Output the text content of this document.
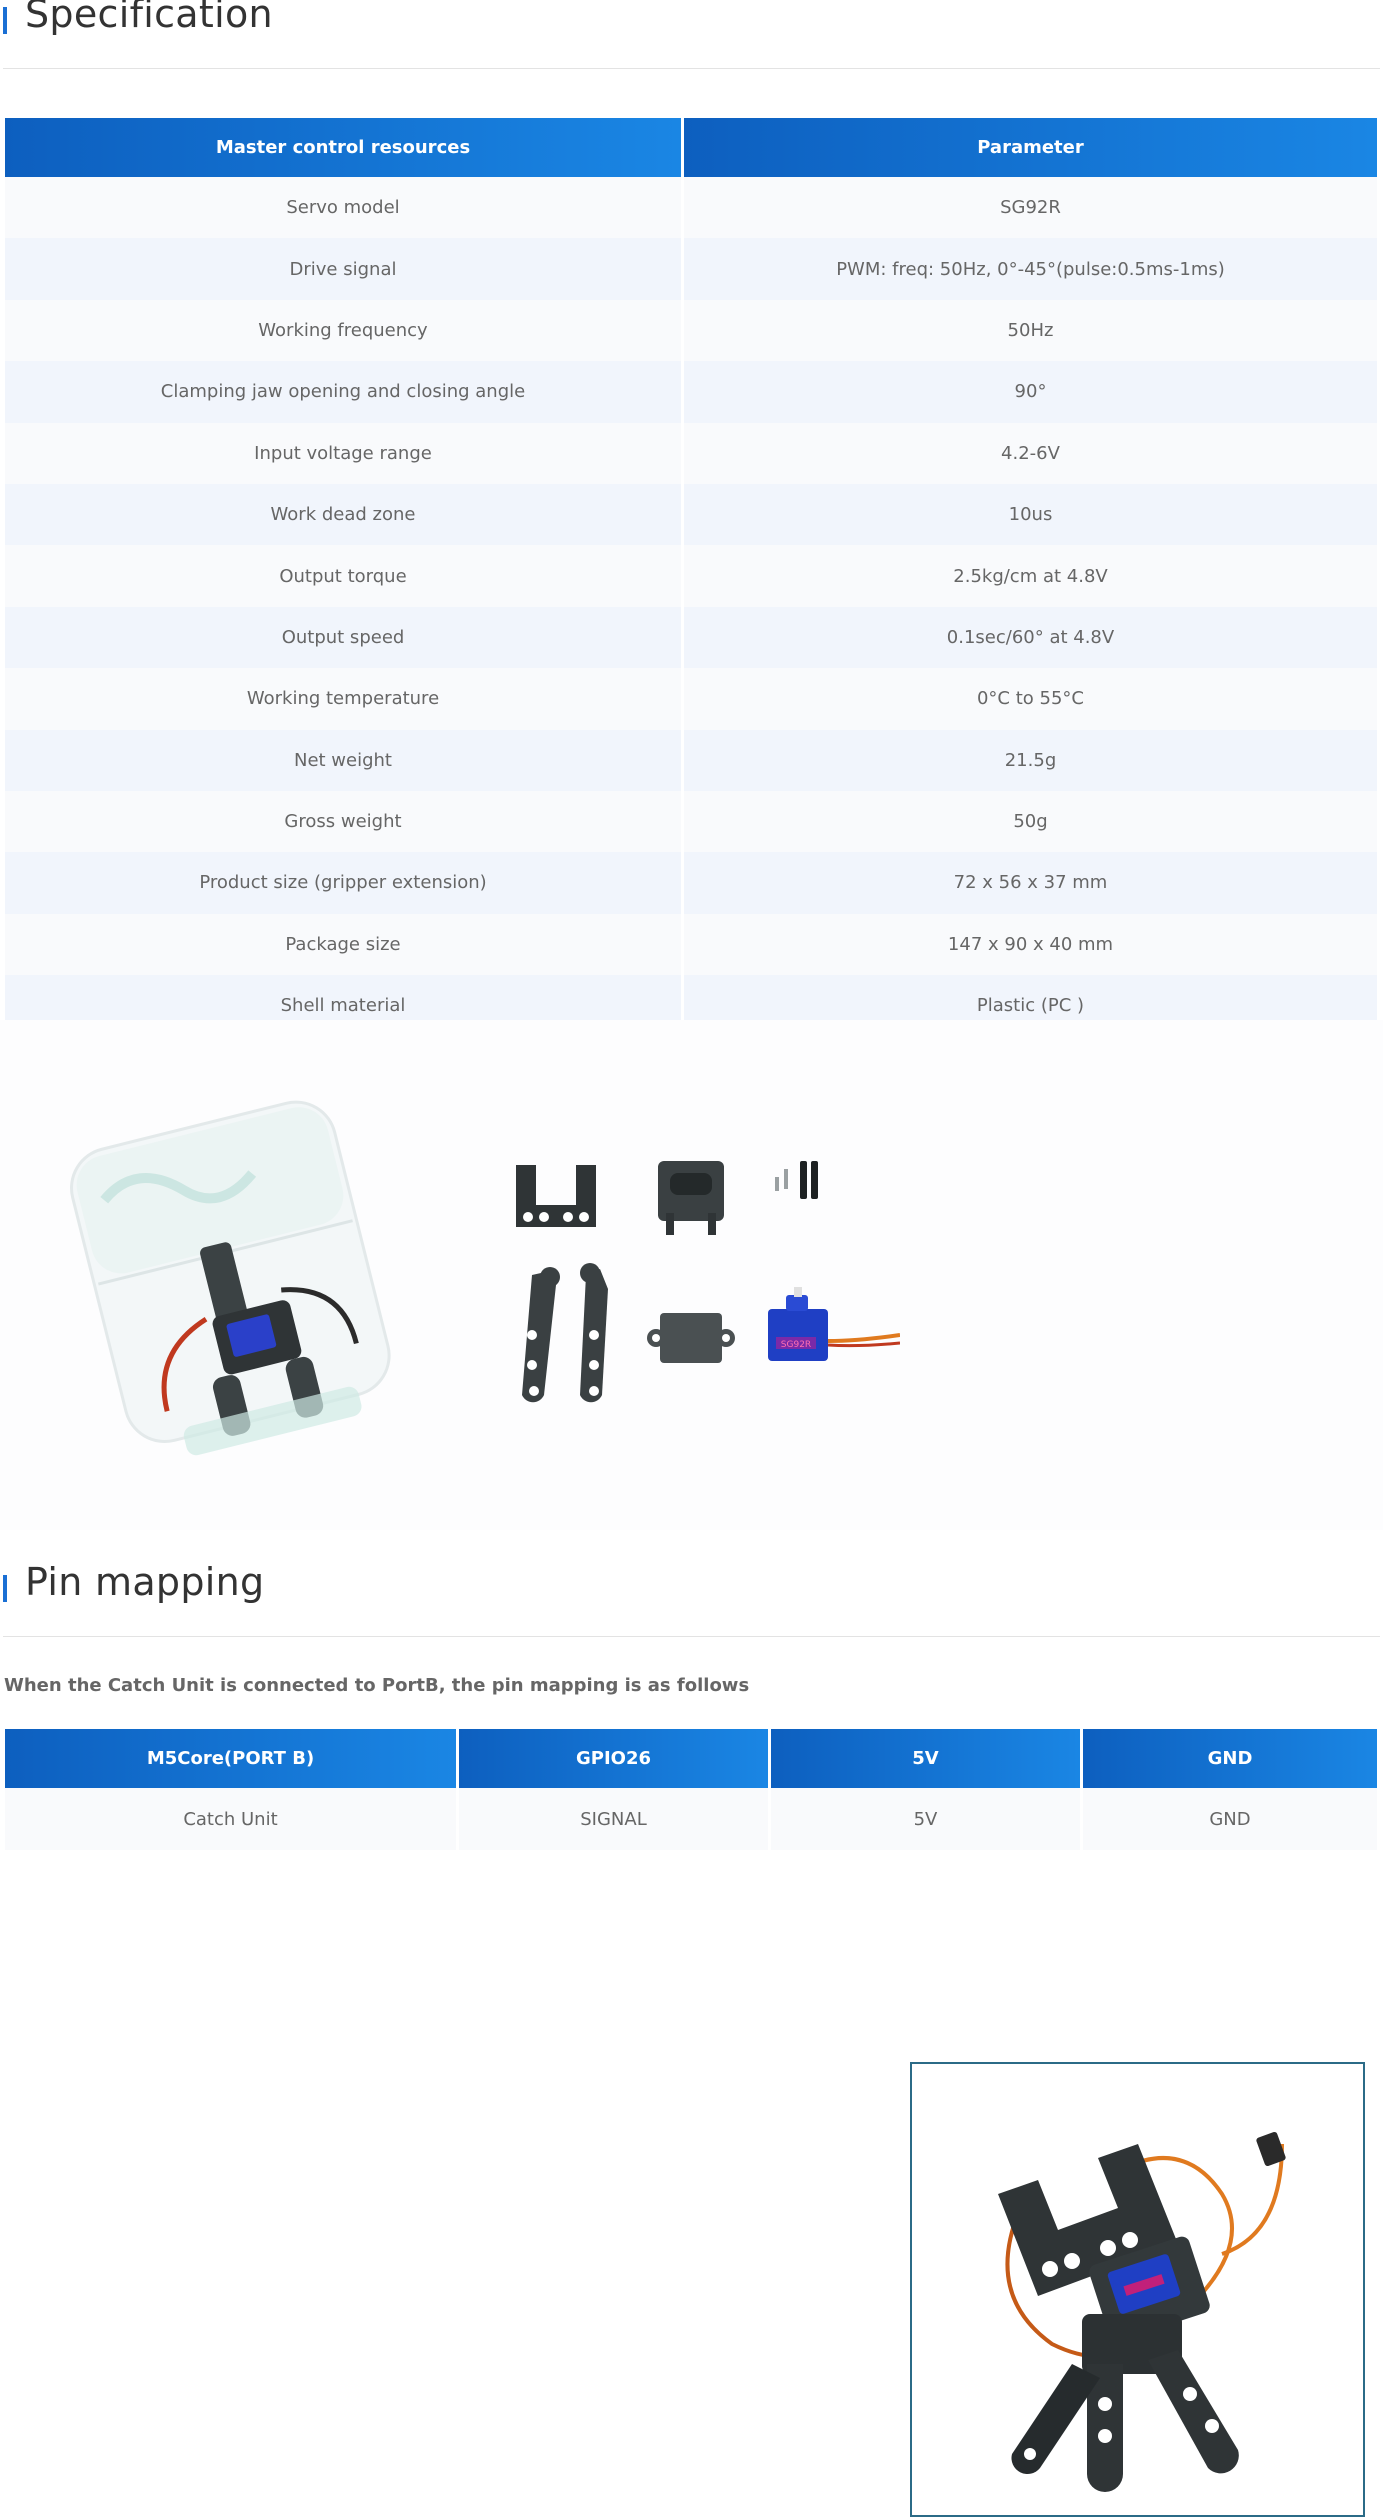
Specification
Master control resources	Parameter
Servo model	SG92R
Drive signal	PWM: freq: 50Hz, 0°-45°(pulse:0.5ms-1ms)
Working frequency	50Hz
Clamping jaw opening and closing angle	90°
Input voltage range	4.2-6V
Work dead zone	10us
Output torque	2.5kg/cm at 4.8V
Output speed	0.1sec/60° at 4.8V
Working temperature	0°C to 55°C
Net weight	21.5g
Gross weight	50g
Product size (gripper extension)	72 x 56 x 37 mm
Package size	147 x 90 x 40 mm
Shell material	Plastic (PC )
SG92R
Pin mapping
When the Catch Unit is connected to PortB, the pin mapping is as follows
M5Core(PORT B)	GPIO26	5V	GND
Catch Unit	SIGNAL	5V	GND
